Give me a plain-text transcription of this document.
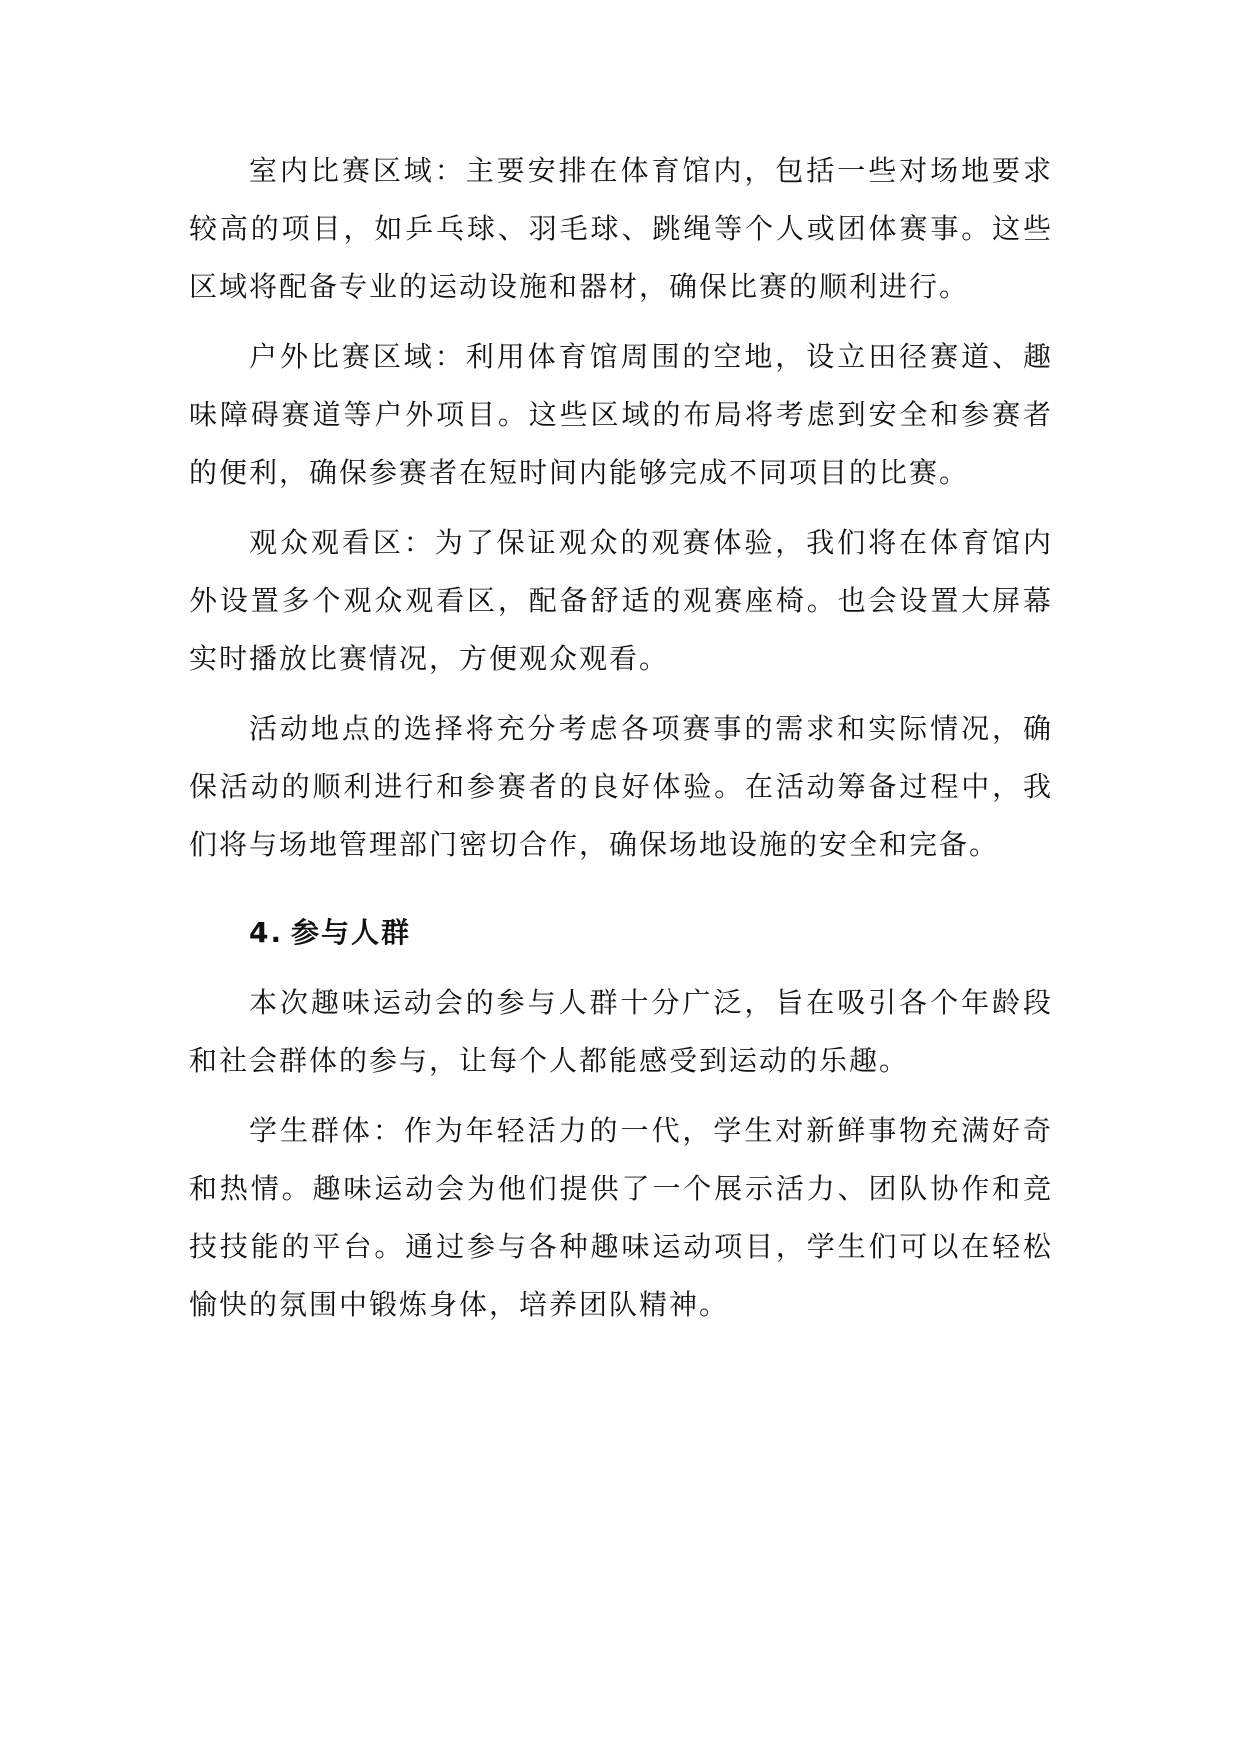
室内比赛区域：主要安排在体育馆内，包括一些对场地要求较高的项目，如乒乓球、羽毛球、跳绳等个人或团体赛事。这些区域将配备专业的运动设施和器材，确保比赛的顺利进行。

户外比赛区域：利用体育馆周围的空地，设立田径赛道、趣味障碍赛道等户外项目。这些区域的布局将考虑到安全和参赛者的便利，确保参赛者在短时间内能够完成不同项目的比赛。

观众观看区：为了保证观众的观赛体验，我们将在体育馆内外设置多个观众观看区，配备舒适的观赛座椅。也会设置大屏幕实时播放比赛情况，方便观众观看。

活动地点的选择将充分考虑各项赛事的需求和实际情况，确保活动的顺利进行和参赛者的良好体验。在活动筹备过程中，我们将与场地管理部门密切合作，确保场地设施的安全和完备。

4. 参与人群

本次趣味运动会的参与人群十分广泛，旨在吸引各个年龄段和社会群体的参与，让每个人都能感受到运动的乐趣。

学生群体：作为年轻活力的一代，学生对新鲜事物充满好奇和热情。趣味运动会为他们提供了一个展示活力、团队协作和竞技技能的平台。通过参与各种趣味运动项目，学生们可以在轻松愉快的氛围中锻炼身体，培养团队精神。
